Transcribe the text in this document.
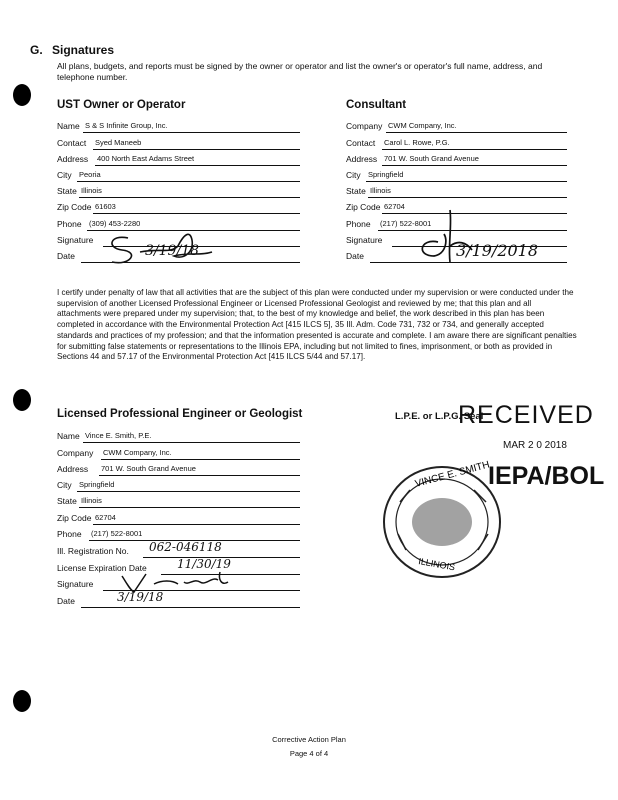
G. Signatures
All plans, budgets, and reports must be signed by the owner or operator and list the owner's or operator's full name, address, and telephone number.
UST Owner or Operator
Name S & S Infinite Group, Inc.
Contact Syed Maneeb
Address 400 North East Adams Street
City Peoria
State Illinois
Zip Code 61603
Phone (309) 453-2280
Signature
Date	3/19/18
Consultant
Company CWM Company, Inc.
Contact Carol L. Rowe, P.G.
Address 701 W. South Grand Avenue
City Springfield
State Illinois
Zip Code 62704
Phone (217) 522-8001
Signature
Date	3/19/2018
I certify under penalty of law that all activities that are the subject of this plan were conducted under my supervision or were conducted under the supervision of another Licensed Professional Engineer or Licensed Professional Geologist and reviewed by me; that this plan and all attachments were prepared under my supervision; that, to the best of my knowledge and belief, the work described in this plan has been completed in accordance with the Environmental Protection Act [415 ILCS 5], 35 Ill. Adm. Code 731, 732 or 734, and generally accepted standards and practices of my profession; and that the information presented is accurate and complete. I am aware there are significant penalties for submitting false statements or representations to the Illinois EPA, including but not limited to fines, imprisonment, or both as provided in Sections 44 and 57.17 of the Environmental Protection Act [415 ILCS 5/44 and 57.17].
Licensed Professional Engineer or Geologist
Name Vince E. Smith, P.E.
Company CWM Company, Inc.
Address 701 W. South Grand Avenue
City Springfield
State Illinois
Zip Code 62704
Phone (217) 522-8001
Ill. Registration No. 062-046118
License Expiration Date	11/30/19
Signature
Date	3/19/18
L.P.E. or L.P.G. Seal
RECEIVED
MAR 2 0 2018
IEPA/BOL
VINCE E. SMITH
ILLINOIS
Corrective Action Plan
Page 4 of 4
